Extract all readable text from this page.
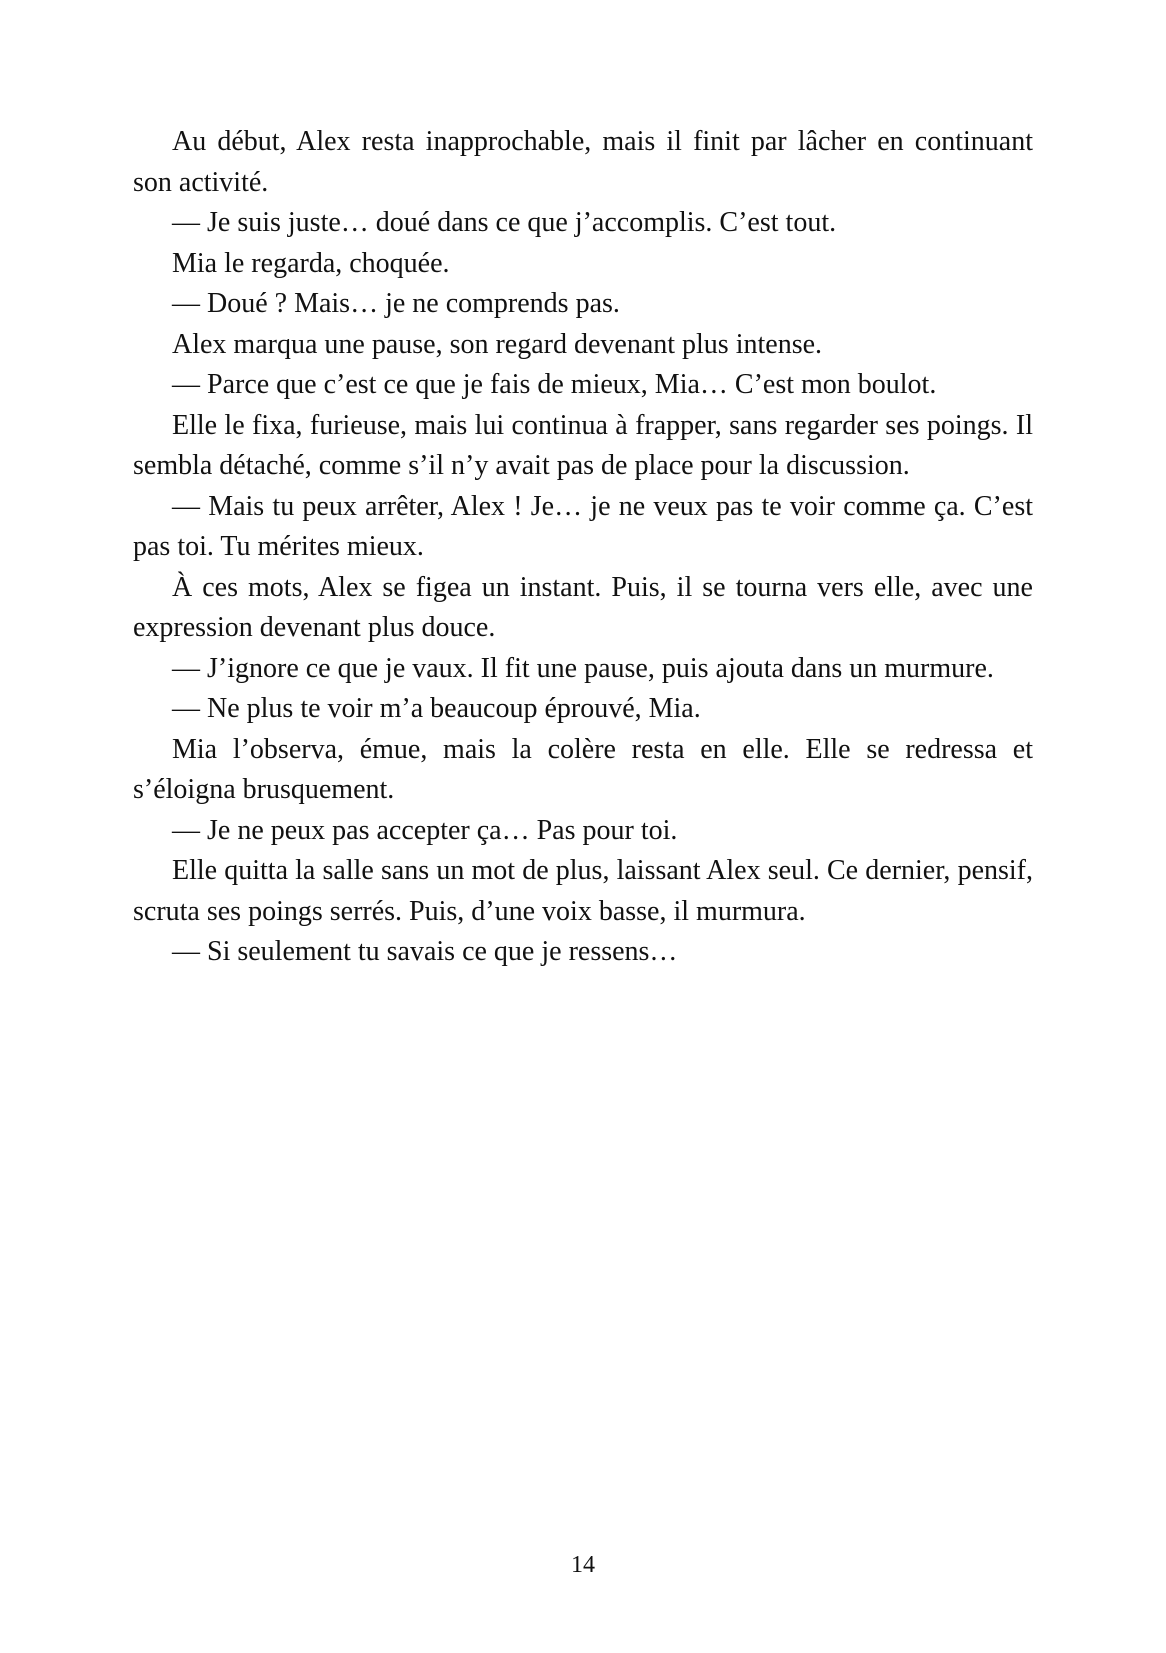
Au début, Alex resta inapprochable, mais il finit par lâcher en continuant son activité.

— Je suis juste… doué dans ce que j’accomplis. C’est tout.

Mia le regarda, choquée.

— Doué ? Mais… je ne comprends pas.

Alex marqua une pause, son regard devenant plus intense.

— Parce que c’est ce que je fais de mieux, Mia… C’est mon boulot.

Elle le fixa, furieuse, mais lui continua à frapper, sans regarder ses poings. Il sembla détaché, comme s’il n’y avait pas de place pour la discussion.

— Mais tu peux arrêter, Alex ! Je… je ne veux pas te voir comme ça. C’est pas toi. Tu mérites mieux.

À ces mots, Alex se figea un instant. Puis, il se tourna vers elle, avec une expression devenant plus douce.

— J’ignore ce que je vaux. Il fit une pause, puis ajouta dans un murmure.

— Ne plus te voir m’a beaucoup éprouvé, Mia.

Mia l’observa, émue, mais la colère resta en elle. Elle se redressa et s’éloigna brusquement.

— Je ne peux pas accepter ça… Pas pour toi.

Elle quitta la salle sans un mot de plus, laissant Alex seul. Ce dernier, pensif, scruta ses poings serrés. Puis, d’une voix basse, il murmura.

— Si seulement tu savais ce que je ressens…

14
